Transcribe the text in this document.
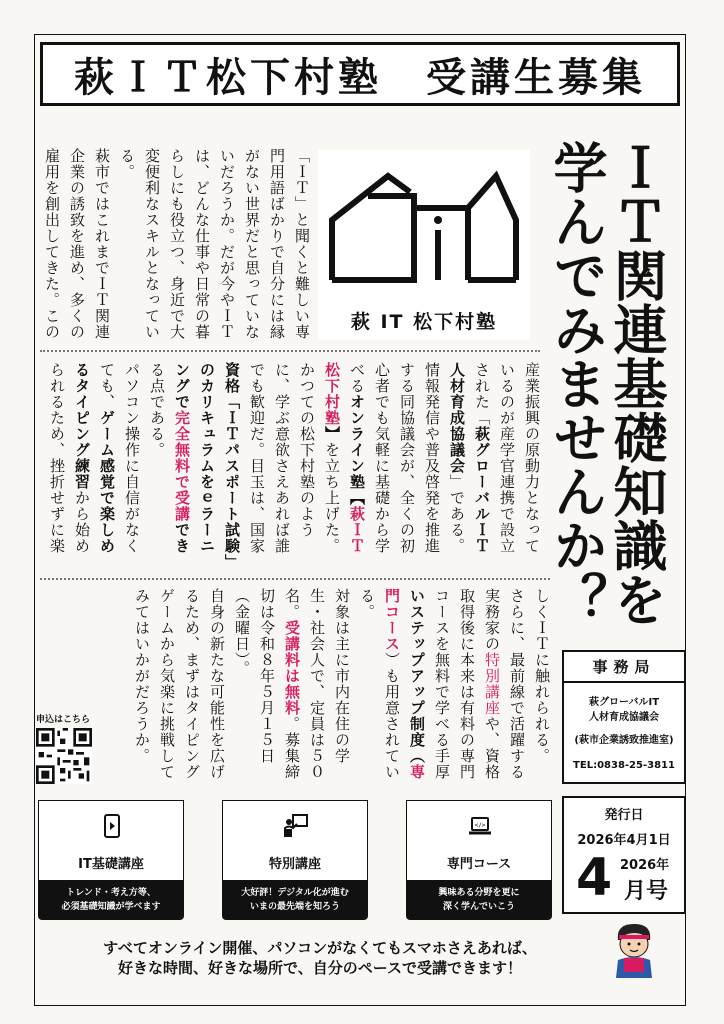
萩ＩＴ松下村塾　受講生募集
ＩＴ関連基礎知識を 学んでみませんか？
萩 IT 松下村塾
「ＩＴ」と聞くと難しい専
門用語ばかりで自分には縁
がない世界だと思っていな
いだろうか。だが今やＩＴ
は、どんな仕事や日常の暮
らしにも役立つ、身近で大
変便利なスキルとなってい
る。
萩市ではこれまでＩＴ関連
企業の誘致を進め、多くの
雇用を創出してきた。この
産業振興の原動力となって
いるのが産学官連携で設立
された「萩グローバルＩＴ
人材育成協議会」である。
情報発信や普及啓発を推進
する同協議会が、全くの初
心者でも気軽に基礎から学
べるオンライン塾【萩ＩＴ
松下村塾】を立ち上げた。
かつての松下村塾のよう
に、学ぶ意欲さえあれば誰
でも歓迎だ。目玉は、国家
資格「ＩＴパスポート試験」
のカリキュラムをｅラーニ
ングで完全無料で受講でき
る点である。
パソコン操作に自信がなく
ても、ゲーム感覚で楽しめ
るタイピング練習から始め
られるため、挫折せずに楽
しくＩＴに触れられる。
さらに、最前線で活躍する
実務家の特別講座や、資格
取得後に本来は有料の専門
コースを無料で学べる手厚
いステップアップ制度（専
門コース）も用意されてい
る。
対象は主に市内在住の学
生・社会人で、定員は５０
名。受講料は無料。募集締
切は令和８年５月１５日
（金曜日）。
自身の新たな可能性を広げ
るため、まずはタイピング
ゲームから気楽に挑戦して
みてはいかがだろうか。
申込はこちら
事務局
萩グローバルIT
人材育成協議会
(萩市企業誘致推進室)
TEL:0838-25-3811
IT基礎講座
トレンド・考え方等、
必須基礎知識が学べます
特別講座
大好評！デジタル化が進む
いまの最先端を知ろう
</>
専門コース
興味ある分野を更に
深く学んでいこう
発行日
2026年4月1日
4 2026年
月号
すべてオンライン開催、パソコンがなくてもスマホさえあれば、
好きな時間、好きな場所で、自分のペースで受講できます！
